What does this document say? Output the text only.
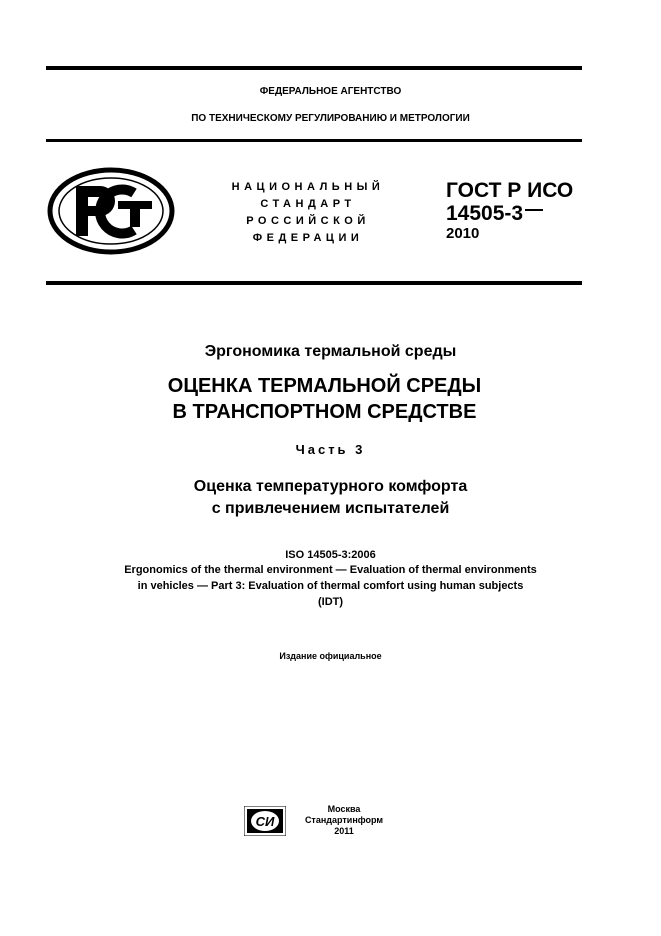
ФЕДЕРАЛЬНОЕ АГЕНТСТВО
ПО ТЕХНИЧЕСКОМУ РЕГУЛИРОВАНИЮ И МЕТРОЛОГИИ
РСТ
НАЦИОНАЛЬНЫЙ
СТАНДАРТ
РОССИЙСКОЙ
ФЕДЕРАЦИИ
ГОСТ Р ИСО
14505-3
2010
Эргономика термальной среды
ОЦЕНКА ТЕРМАЛЬНОЙ СРЕДЫ
В ТРАНСПОРТНОМ СРЕДСТВЕ
Часть 3
Оценка температурного комфорта
с привлечением испытателей
ISO 14505-3:2006
Ergonomics of the thermal environment — Evaluation of thermal environments
in vehicles — Part 3: Evaluation of thermal comfort using human subjects
(IDT)
Издание официальное
СИ
Москва
Стандартинформ
2011
